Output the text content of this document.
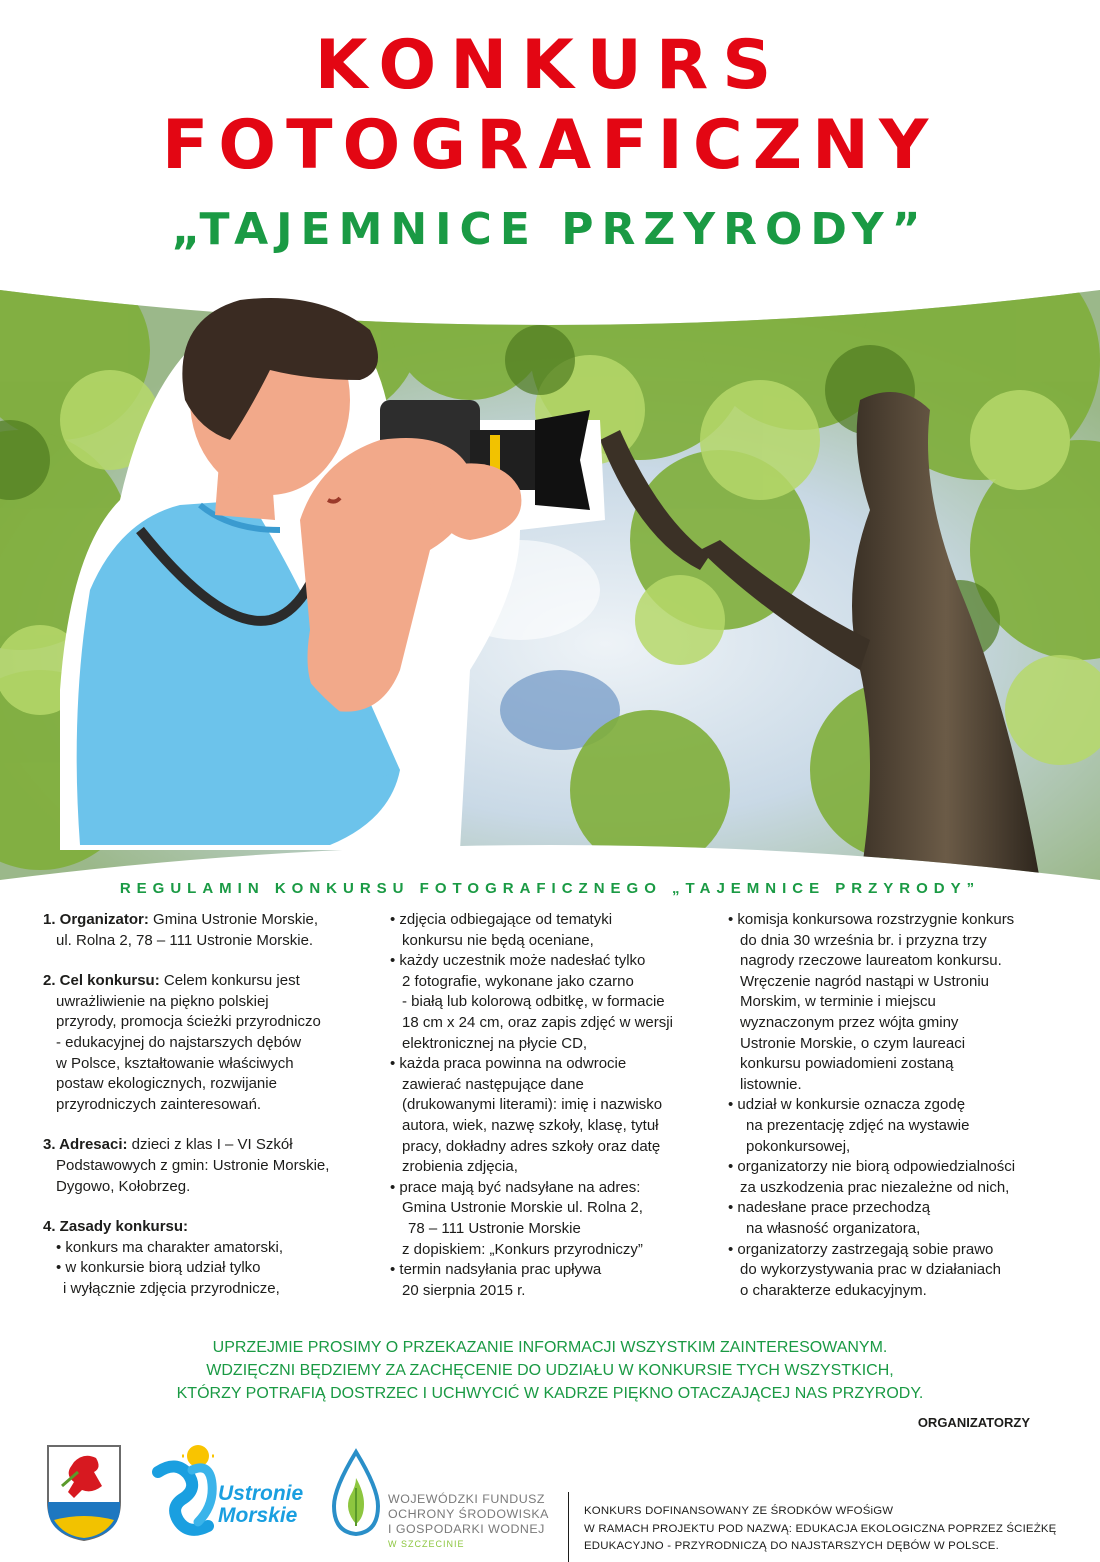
KONKURS
FOTOGRAFICZNY
„TAJEMNICE PRZYRODY”
REGULAMIN KONKURSU FOTOGRAFICZNEGO „TAJEMNICE PRZYRODY”

1. Organizator: Gmina Ustronie Morskie,

ul. Rolna 2, 78 – 111 Ustronie Morskie.

2. Cel konkursu: Celem konkursu jest

uwrażliwienie na piękno polskiej

przyrody, promocja ścieżki przyrodniczo

- edukacyjnej do najstarszych dębów

w Polsce, kształtowanie właściwych

postaw ekologicznych, rozwijanie

przyrodniczych zainteresowań.

3. Adresaci: dzieci z klas I – VI Szkół

Podstawowych z gmin: Ustronie Morskie,

Dygowo, Kołobrzeg.

4. Zasady konkursu:

• konkurs ma charakter amatorski,

• w konkursie biorą udział tylko

i wyłącznie zdjęcia przyrodnicze,

• zdjęcia odbiegające od tematyki

konkursu nie będą oceniane,

• każdy uczestnik może nadesłać tylko

2 fotografie, wykonane jako czarno

- białą lub kolorową odbitkę, w formacie

18 cm x 24 cm, oraz zapis zdjęć w wersji

elektronicznej na płycie CD,

• każda praca powinna na odwrocie

zawierać następujące dane

(drukowanymi literami): imię i nazwisko

autora, wiek, nazwę szkoły, klasę, tytuł

pracy, dokładny adres szkoły oraz datę

zrobienia zdjęcia,

• prace mają być nadsyłane na adres:

Gmina Ustronie Morskie ul. Rolna 2,

78 – 111 Ustronie Morskie

z dopiskiem: „Konkurs przyrodniczy”

• termin nadsyłania prac upływa

20 sierpnia 2015 r.

• komisja konkursowa rozstrzygnie konkurs

do dnia 30 września br. i przyzna trzy

nagrody rzeczowe laureatom konkursu.

Wręczenie nagród nastąpi w Ustroniu

Morskim, w terminie i miejscu

wyznaczonym przez wójta gminy

Ustronie Morskie, o czym laureaci

konkursu powiadomieni zostaną

listownie.

• udział w konkursie oznacza zgodę

na prezentację zdjęć na wystawie

pokonkursowej,

• organizatorzy nie biorą odpowiedzialności

za uszkodzenia prac niezależne od nich,

• nadesłane prace przechodzą

na własność organizatora,

• organizatorzy zastrzegają sobie prawo

do wykorzystywania prac w działaniach

o charakterze edukacyjnym.

UPRZEJMIE PROSIMY O PRZEKAZANIE INFORMACJI WSZYSTKIM ZAINTERESOWANYM.
WDZIĘCZNI BĘDZIEMY ZA ZACHĘCENIE DO UDZIAŁU W KONKURSIE TYCH WSZYSTKICH,
KTÓRZY POTRAFIĄ DOSTRZEC I UCHWYCIĆ W KADRZE PIĘKNO OTACZAJĄCEJ NAS PRZYRODY.
ORGANIZATORZY
Ustronie
Morskie
WOJEWÓDZKI FUNDUSZ
OCHRONY ŚRODOWISKA
I GOSPODARKI WODNEJ
W SZCZECINIE
KONKURS DOFINANSOWANY ZE ŚRODKÓW WFOŚiGW
W RAMACH PROJEKTU POD NAZWĄ: EDUKACJA EKOLOGICZNA POPRZEZ ŚCIEŻKĘ
EDUKACYJNO - PRZYRODNICZĄ DO NAJSTARSZYCH DĘBÓW W POLSCE.
